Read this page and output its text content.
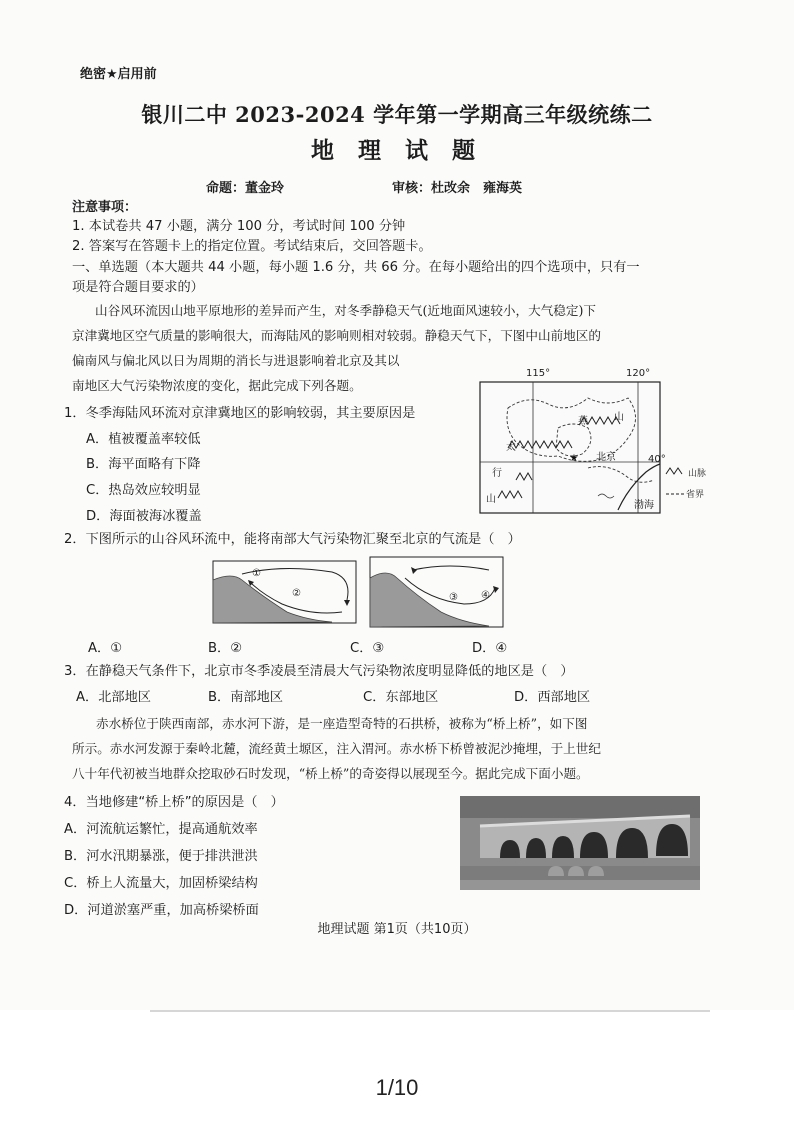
绝密★启用前
银川二中 2023-2024 学年第一学期高三年级统练二
地 理 试 题
命题：董金玲	审核：杜改余　雍海英
注意事项：
1. 本试卷共 47 小题，满分 100 分，考试时间 100 分钟
2. 答案写在答题卡上的指定位置。考试结束后，交回答题卡。
一、单选题（本大题共 44 小题，每小题 1.6 分，共 66 分。在每小题给出的四个选项中，只有一
项是符合题目要求的）
山谷风环流因山地平原地形的差异而产生，对冬季静稳天气(近地面风速较小，大气稳定)下
京津冀地区空气质量的影响很大，而海陆风的影响则相对较弱。静稳天气下，下图中山前地区的
偏南风与偏北风以日为周期的消长与进退影响着北京及其以
南地区大气污染物浓度的变化，据此完成下列各题。
★
115°	120°
40°
北京
渤海
燕	山
太
行
山
山脉
省界
1．冬季海陆风环流对京津冀地区的影响较弱，其主要原因是
A．植被覆盖率较低
B．海平面略有下降
C．热岛效应较明显
D．海面被海冰覆盖
2．下图所示的山谷风环流中，能将南部大气污染物汇聚至北京的气流是（　）
①
②	③ ④
A．①	B．②	C．③	D．④
3．在静稳天气条件下，北京市冬季凌晨至清晨大气污染物浓度明显降低的地区是（　）
A．北部地区	B．南部地区	C．东部地区	D．西部地区
赤水桥位于陕西南部，赤水河下游，是一座造型奇特的石拱桥，被称为“桥上桥”，如下图
所示。赤水河发源于秦岭北麓，流经黄土塬区，注入渭河。赤水桥下桥曾被泥沙掩埋，于上世纪
八十年代初被当地群众挖取砂石时发现，“桥上桥”的奇姿得以展现至今。据此完成下面小题。
4．当地修建“桥上桥”的原因是（　）
A．河流航运繁忙，提高通航效率
B．河水汛期暴涨，便于排洪泄洪
C．桥上人流量大，加固桥梁结构
D．河道淤塞严重，加高桥梁桥面
地理试题 第1页（共10页）
1/10
